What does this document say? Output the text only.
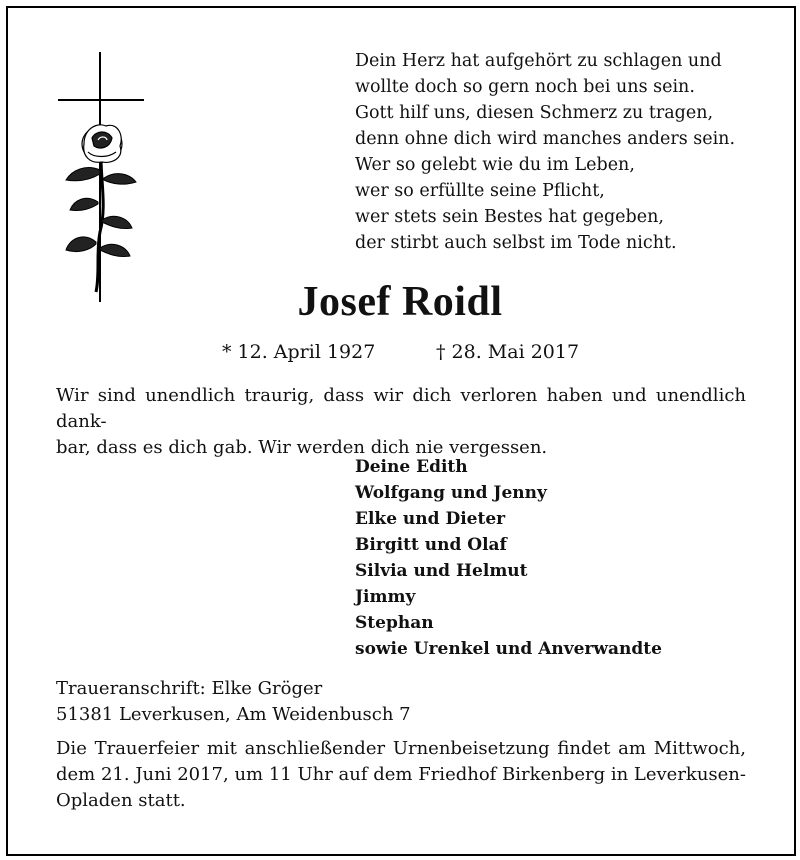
Dein Herz hat aufgehört zu schlagen und
wollte doch so gern noch bei uns sein.
Gott hilf uns, diesen Schmerz zu tragen,
denn ohne dich wird manches anders sein.
Wer so gelebt wie du im Leben,
wer so erfüllte seine Pflicht,
wer stets sein Bestes hat gegeben,
der stirbt auch selbst im Tode nicht.
Josef Roidl
* 12. April 1927	† 28. Mai 2017
Wir sind unendlich traurig, dass wir dich verloren haben und unendlich dank-
bar, dass es dich gab. Wir werden dich nie vergessen.
Deine Edith
Wolfgang und Jenny
Elke und Dieter
Birgitt und Olaf
Silvia und Helmut
Jimmy
Stephan
sowie Urenkel und Anverwandte
Traueranschrift: Elke Gröger
51381 Leverkusen, Am Weidenbusch 7
Die Trauerfeier mit anschließender Urnenbeisetzung findet am Mittwoch,
dem 21. Juni 2017, um 11 Uhr auf dem Friedhof Birkenberg in Leverkusen-
Opladen statt.
